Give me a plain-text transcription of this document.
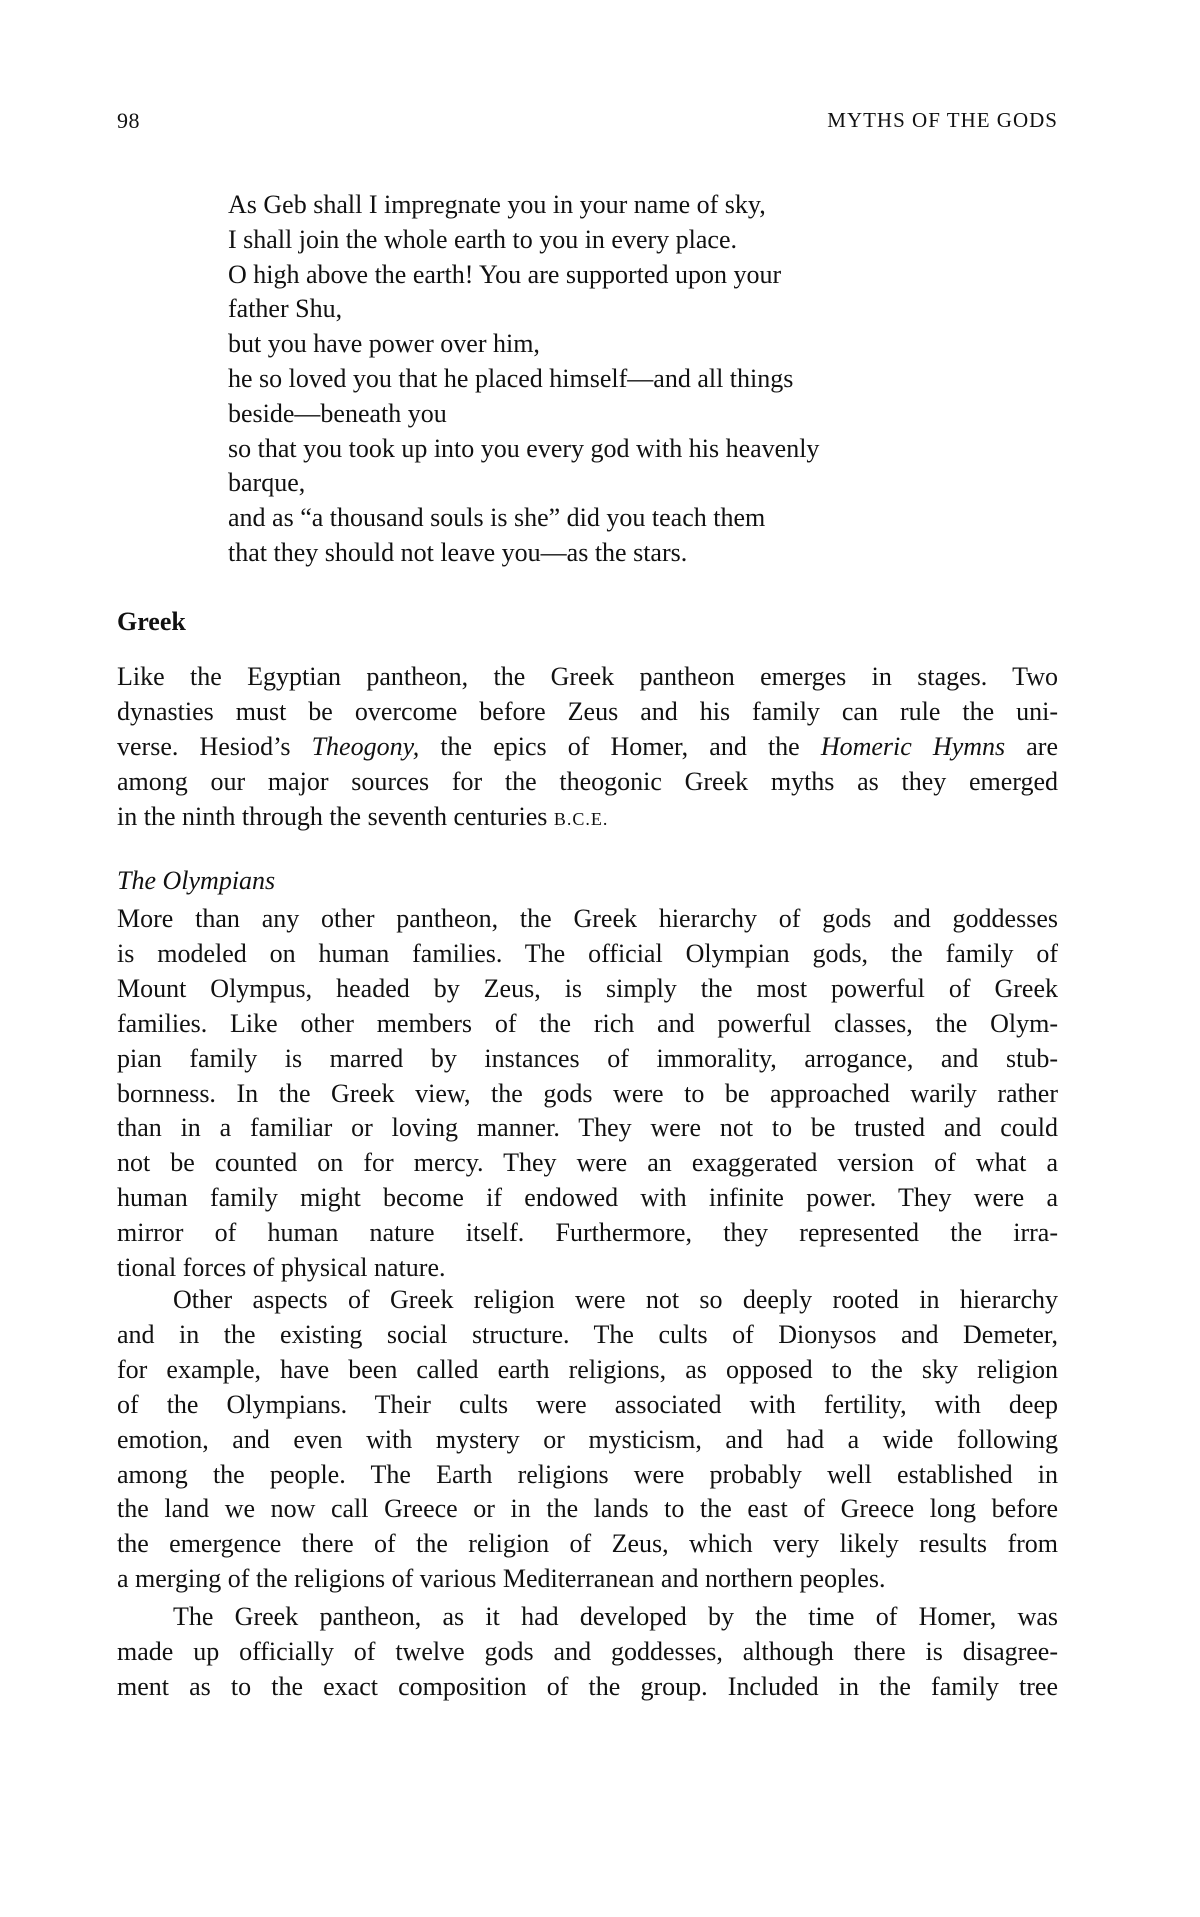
98	MYTHS OF THE GODS
As Geb shall I impregnate you in your name of sky,
I shall join the whole earth to you in every place.
O high above the earth! You are supported upon your
father Shu,
but you have power over him,
he so loved you that he placed himself—and all things
beside—beneath you
so that you took up into you every god with his heavenly
barque,
and as “a thousand souls is she” did you teach them
that they should not leave you—as the stars.
Greek
Like the Egyptian pantheon, the Greek pantheon emerges in stages. Two
dynasties must be overcome before Zeus and his family can rule the uni-
verse. Hesiod’s Theogony, the epics of Homer, and the Homeric Hymns are
among our major sources for the theogonic Greek myths as they emerged
in the ninth through the seventh centuries B.C.E.
The Olympians
More than any other pantheon, the Greek hierarchy of gods and goddesses
is modeled on human families. The official Olympian gods, the family of
Mount Olympus, headed by Zeus, is simply the most powerful of Greek
families. Like other members of the rich and powerful classes, the Olym-
pian family is marred by instances of immorality, arrogance, and stub-
bornness. In the Greek view, the gods were to be approached warily rather
than in a familiar or loving manner. They were not to be trusted and could
not be counted on for mercy. They were an exaggerated version of what a
human family might become if endowed with infinite power. They were a
mirror of human nature itself. Furthermore, they represented the irra-
tional forces of physical nature.
Other aspects of Greek religion were not so deeply rooted in hierarchy
and in the existing social structure. The cults of Dionysos and Demeter,
for example, have been called earth religions, as opposed to the sky religion
of the Olympians. Their cults were associated with fertility, with deep
emotion, and even with mystery or mysticism, and had a wide following
among the people. The Earth religions were probably well established in
the land we now call Greece or in the lands to the east of Greece long before
the emergence there of the religion of Zeus, which very likely results from
a merging of the religions of various Mediterranean and northern peoples.
The Greek pantheon, as it had developed by the time of Homer, was
made up officially of twelve gods and goddesses, although there is disagree-
ment as to the exact composition of the group. Included in the family tree
